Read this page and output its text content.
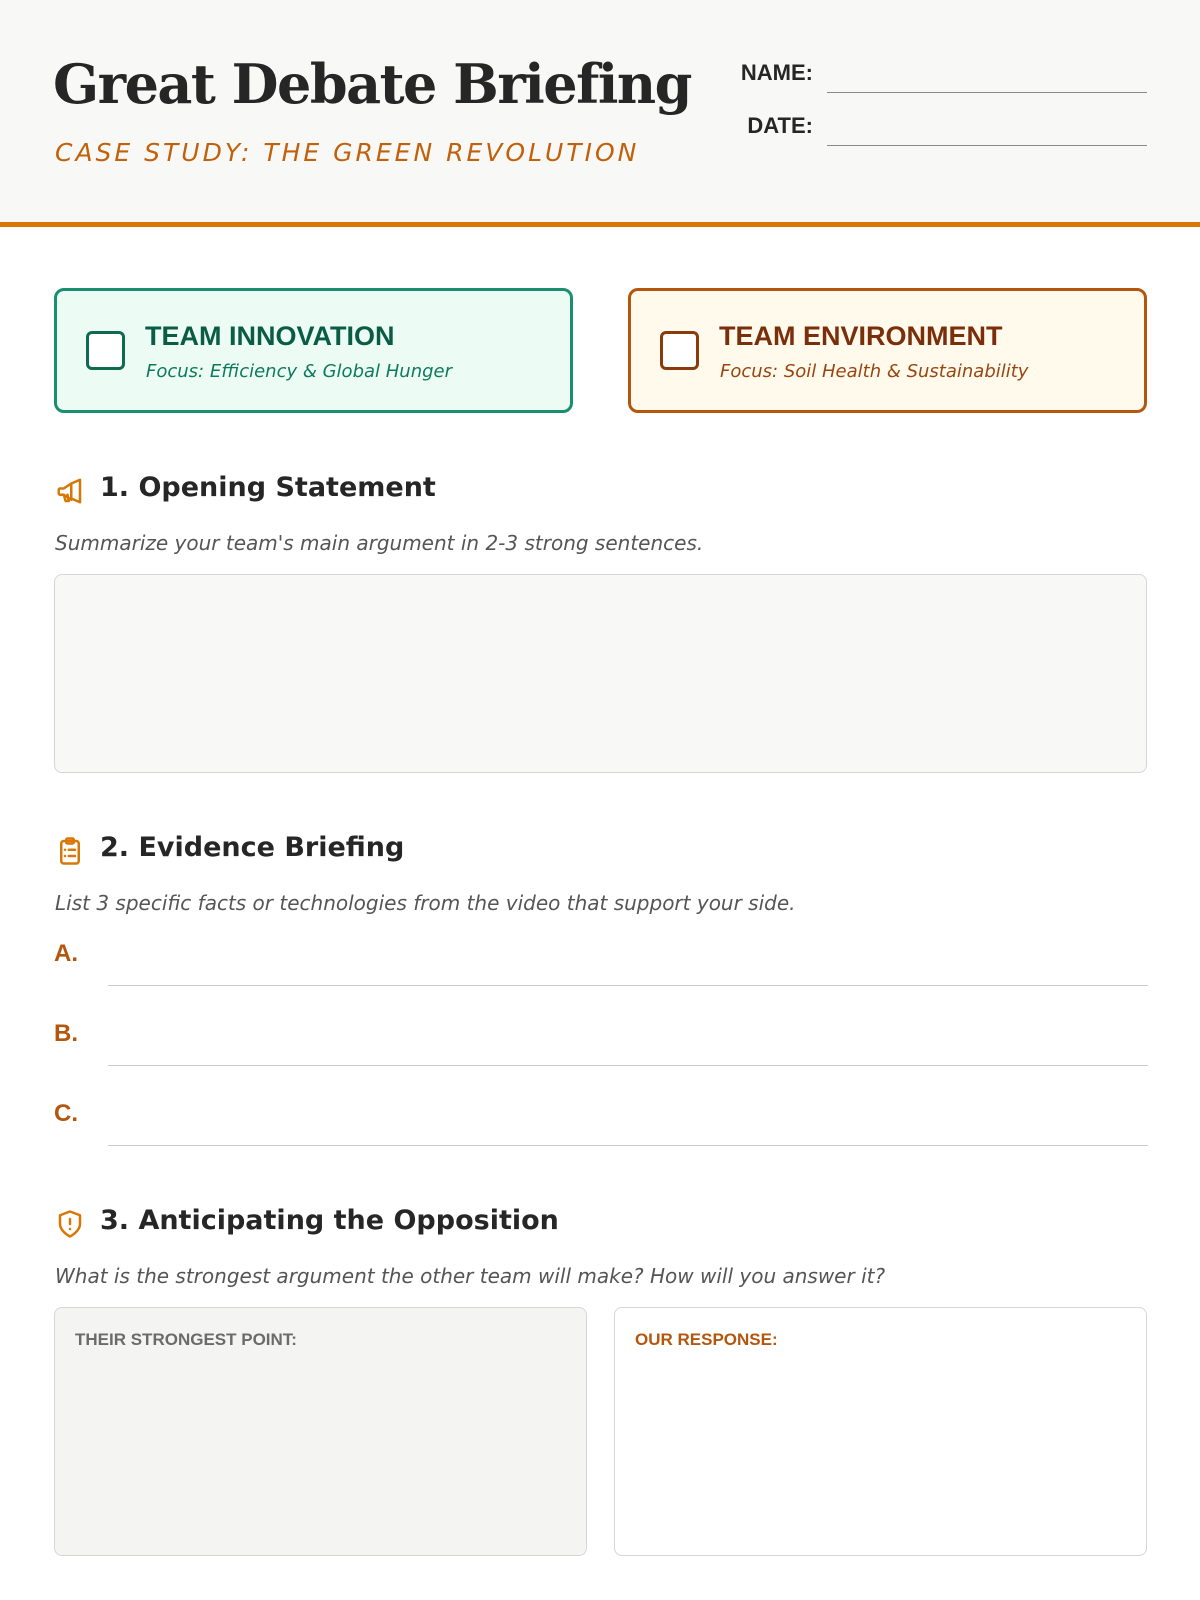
Great Debate Briefing
CASE STUDY: THE GREEN REVOLUTION
NAME:
DATE:
TEAM INNOVATION
Focus: Efficiency & Global Hunger
TEAM ENVIRONMENT
Focus: Soil Health & Sustainability
1. Opening Statement
Summarize your team's main argument in 2-3 strong sentences.
2. Evidence Briefing
List 3 specific facts or technologies from the video that support your side.
A.
B.
C.
3. Anticipating the Opposition
What is the strongest argument the other team will make? How will you answer it?
THEIR STRONGEST POINT:	OUR RESPONSE:
